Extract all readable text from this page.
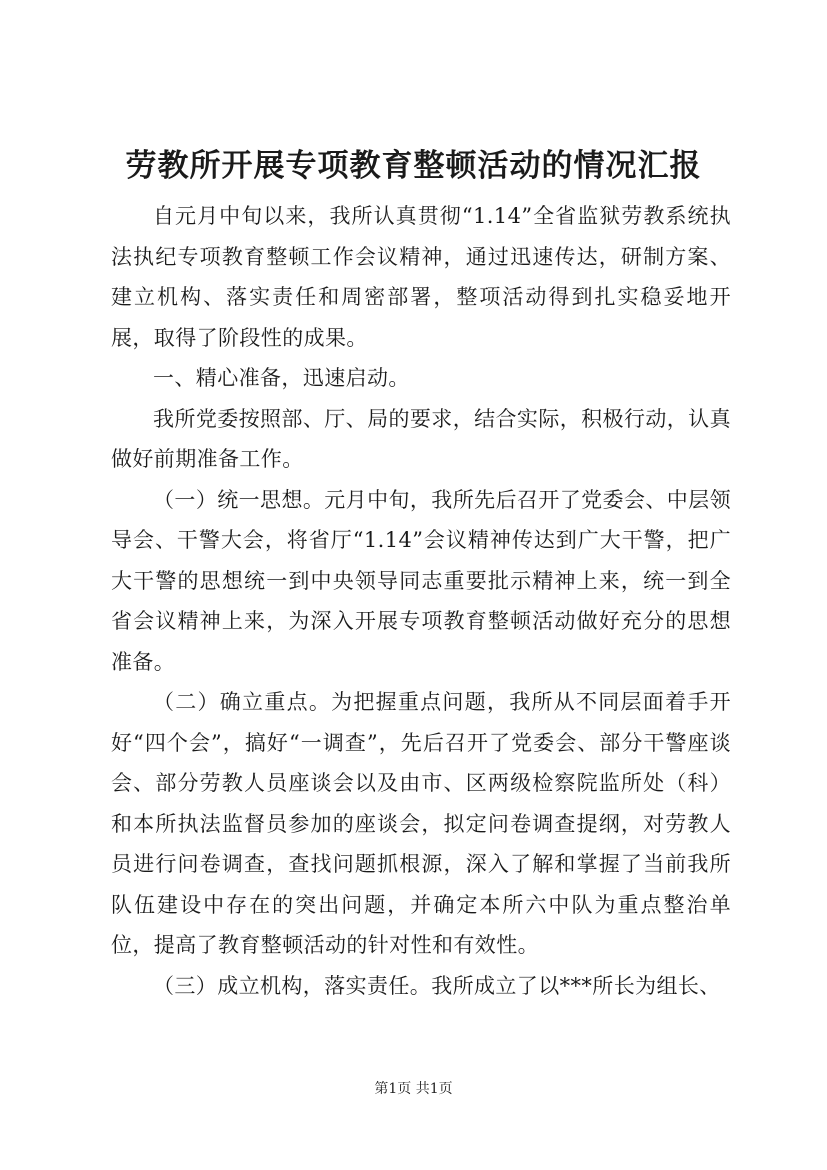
劳教所开展专项教育整顿活动的情况汇报

自元月中旬以来，我所认真贯彻“1.14”全省监狱劳教系统执法执纪专项教育整顿工作会议精神，通过迅速传达，研制方案、建立机构、落实责任和周密部署，整项活动得到扎实稳妥地开展，取得了阶段性的成果。

一、精心准备，迅速启动。

我所党委按照部、厅、局的要求，结合实际，积极行动，认真做好前期准备工作。

（一）统一思想。元月中旬，我所先后召开了党委会、中层领导会、干警大会，将省厅“1.14”会议精神传达到广大干警，把广大干警的思想统一到中央领导同志重要批示精神上来，统一到全省会议精神上来，为深入开展专项教育整顿活动做好充分的思想准备。

（二）确立重点。为把握重点问题，我所从不同层面着手开好“四个会”，搞好“一调查”，先后召开了党委会、部分干警座谈会、部分劳教人员座谈会以及由市、区两级检察院监所处（科）和本所执法监督员参加的座谈会，拟定问卷调查提纲，对劳教人员进行问卷调查，查找问题抓根源，深入了解和掌握了当前我所队伍建设中存在的突出问题，并确定本所六中队为重点整治单位，提高了教育整顿活动的针对性和有效性。

（三）成立机构，落实责任。我所成立了以***所长为组长、

第1页 共1页
